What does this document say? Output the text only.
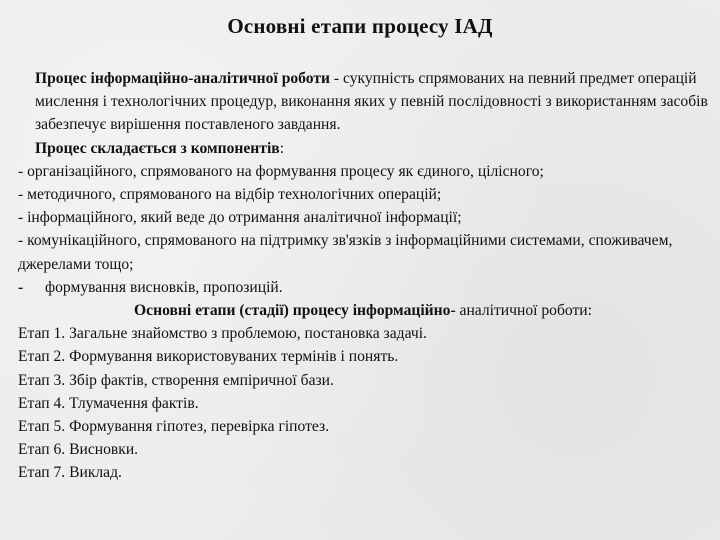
Основні етапи процесу ІАД

Процес інформаційно-аналітичної роботи - сукупність спрямованих на певний предмет операцій мислення і технологічних процедур, виконання яких у певній послідовності з використанням засобів забезпечує вирішення поставленого завдання.

Процес складається з компонентів:

- організаційного, спрямованого на формування процесу як єдиного, цілісного;

- методичного, спрямованого на відбір технологічних операцій;

- інформаційного, який веде до отримання аналітичної інформації;

- комунікаційного, спрямованого на підтримку зв'язків з інформаційними системами, споживачем, джерелами тощо;

-	формування висновків, пропозицій.

Основні етапи (стадії) процесу інформаційно- аналітичної роботи:

Етап 1. Загальне знайомство з проблемою, постановка задачі.

Етап 2. Формування використовуваних термінів і понять.

Етап 3. Збір фактів, створення емпіричної бази.

Етап 4. Тлумачення фактів.

Етап 5. Формування гіпотез, перевірка гіпотез.

Етап 6. Висновки.

Етап 7. Виклад.
